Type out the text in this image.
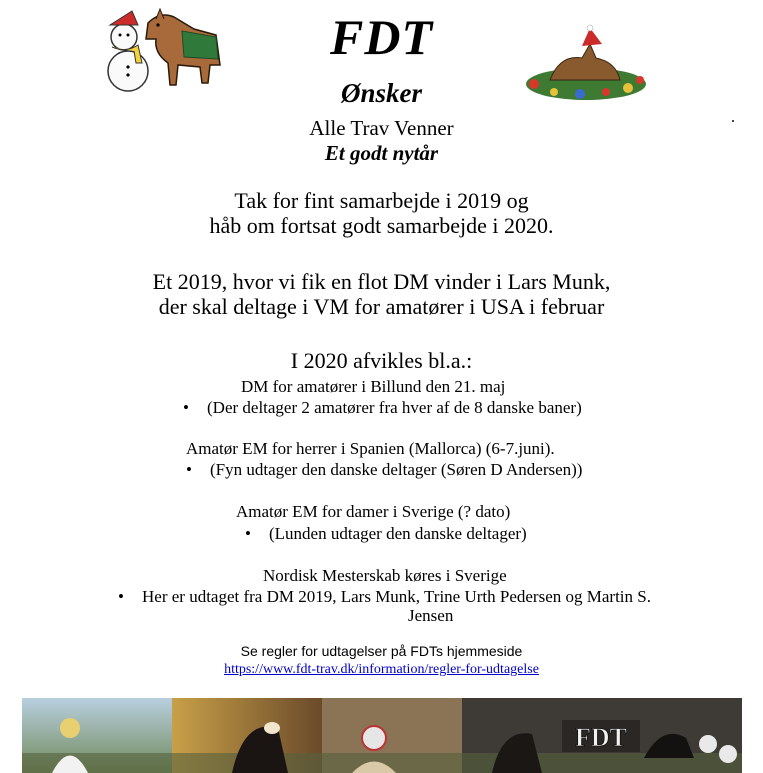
FDT
Ønsker
Alle Trav Venner
Et godt nytår
Tak for fint samarbejde i 2019 og
håb om fortsat godt samarbejde i 2020.
Et 2019, hvor vi fik en flot DM vinder i Lars Munk,
der skal deltage i VM for amatører i USA i februar
I 2020 afvikles bl.a.:
DM for amatører i Billund den 21. maj
•	(Der deltager 2 amatører fra hver af de 8 danske baner)
Amatør EM for herrer i Spanien (Mallorca) (6-7.juni).
•	(Fyn udtager den danske deltager (Søren D Andersen))
Amatør EM for damer i Sverige (? dato)
•	(Lunden udtager den danske deltager)
Nordisk Mesterskab køres i Sverige
•	Her er udtaget fra DM 2019, Lars Munk, Trine Urth Pedersen og Martin S.
Jensen
Se regler for udtagelser på FDTs hjemmeside
https://www.fdt-trav.dk/information/regler-for-udtagelse
FDT
